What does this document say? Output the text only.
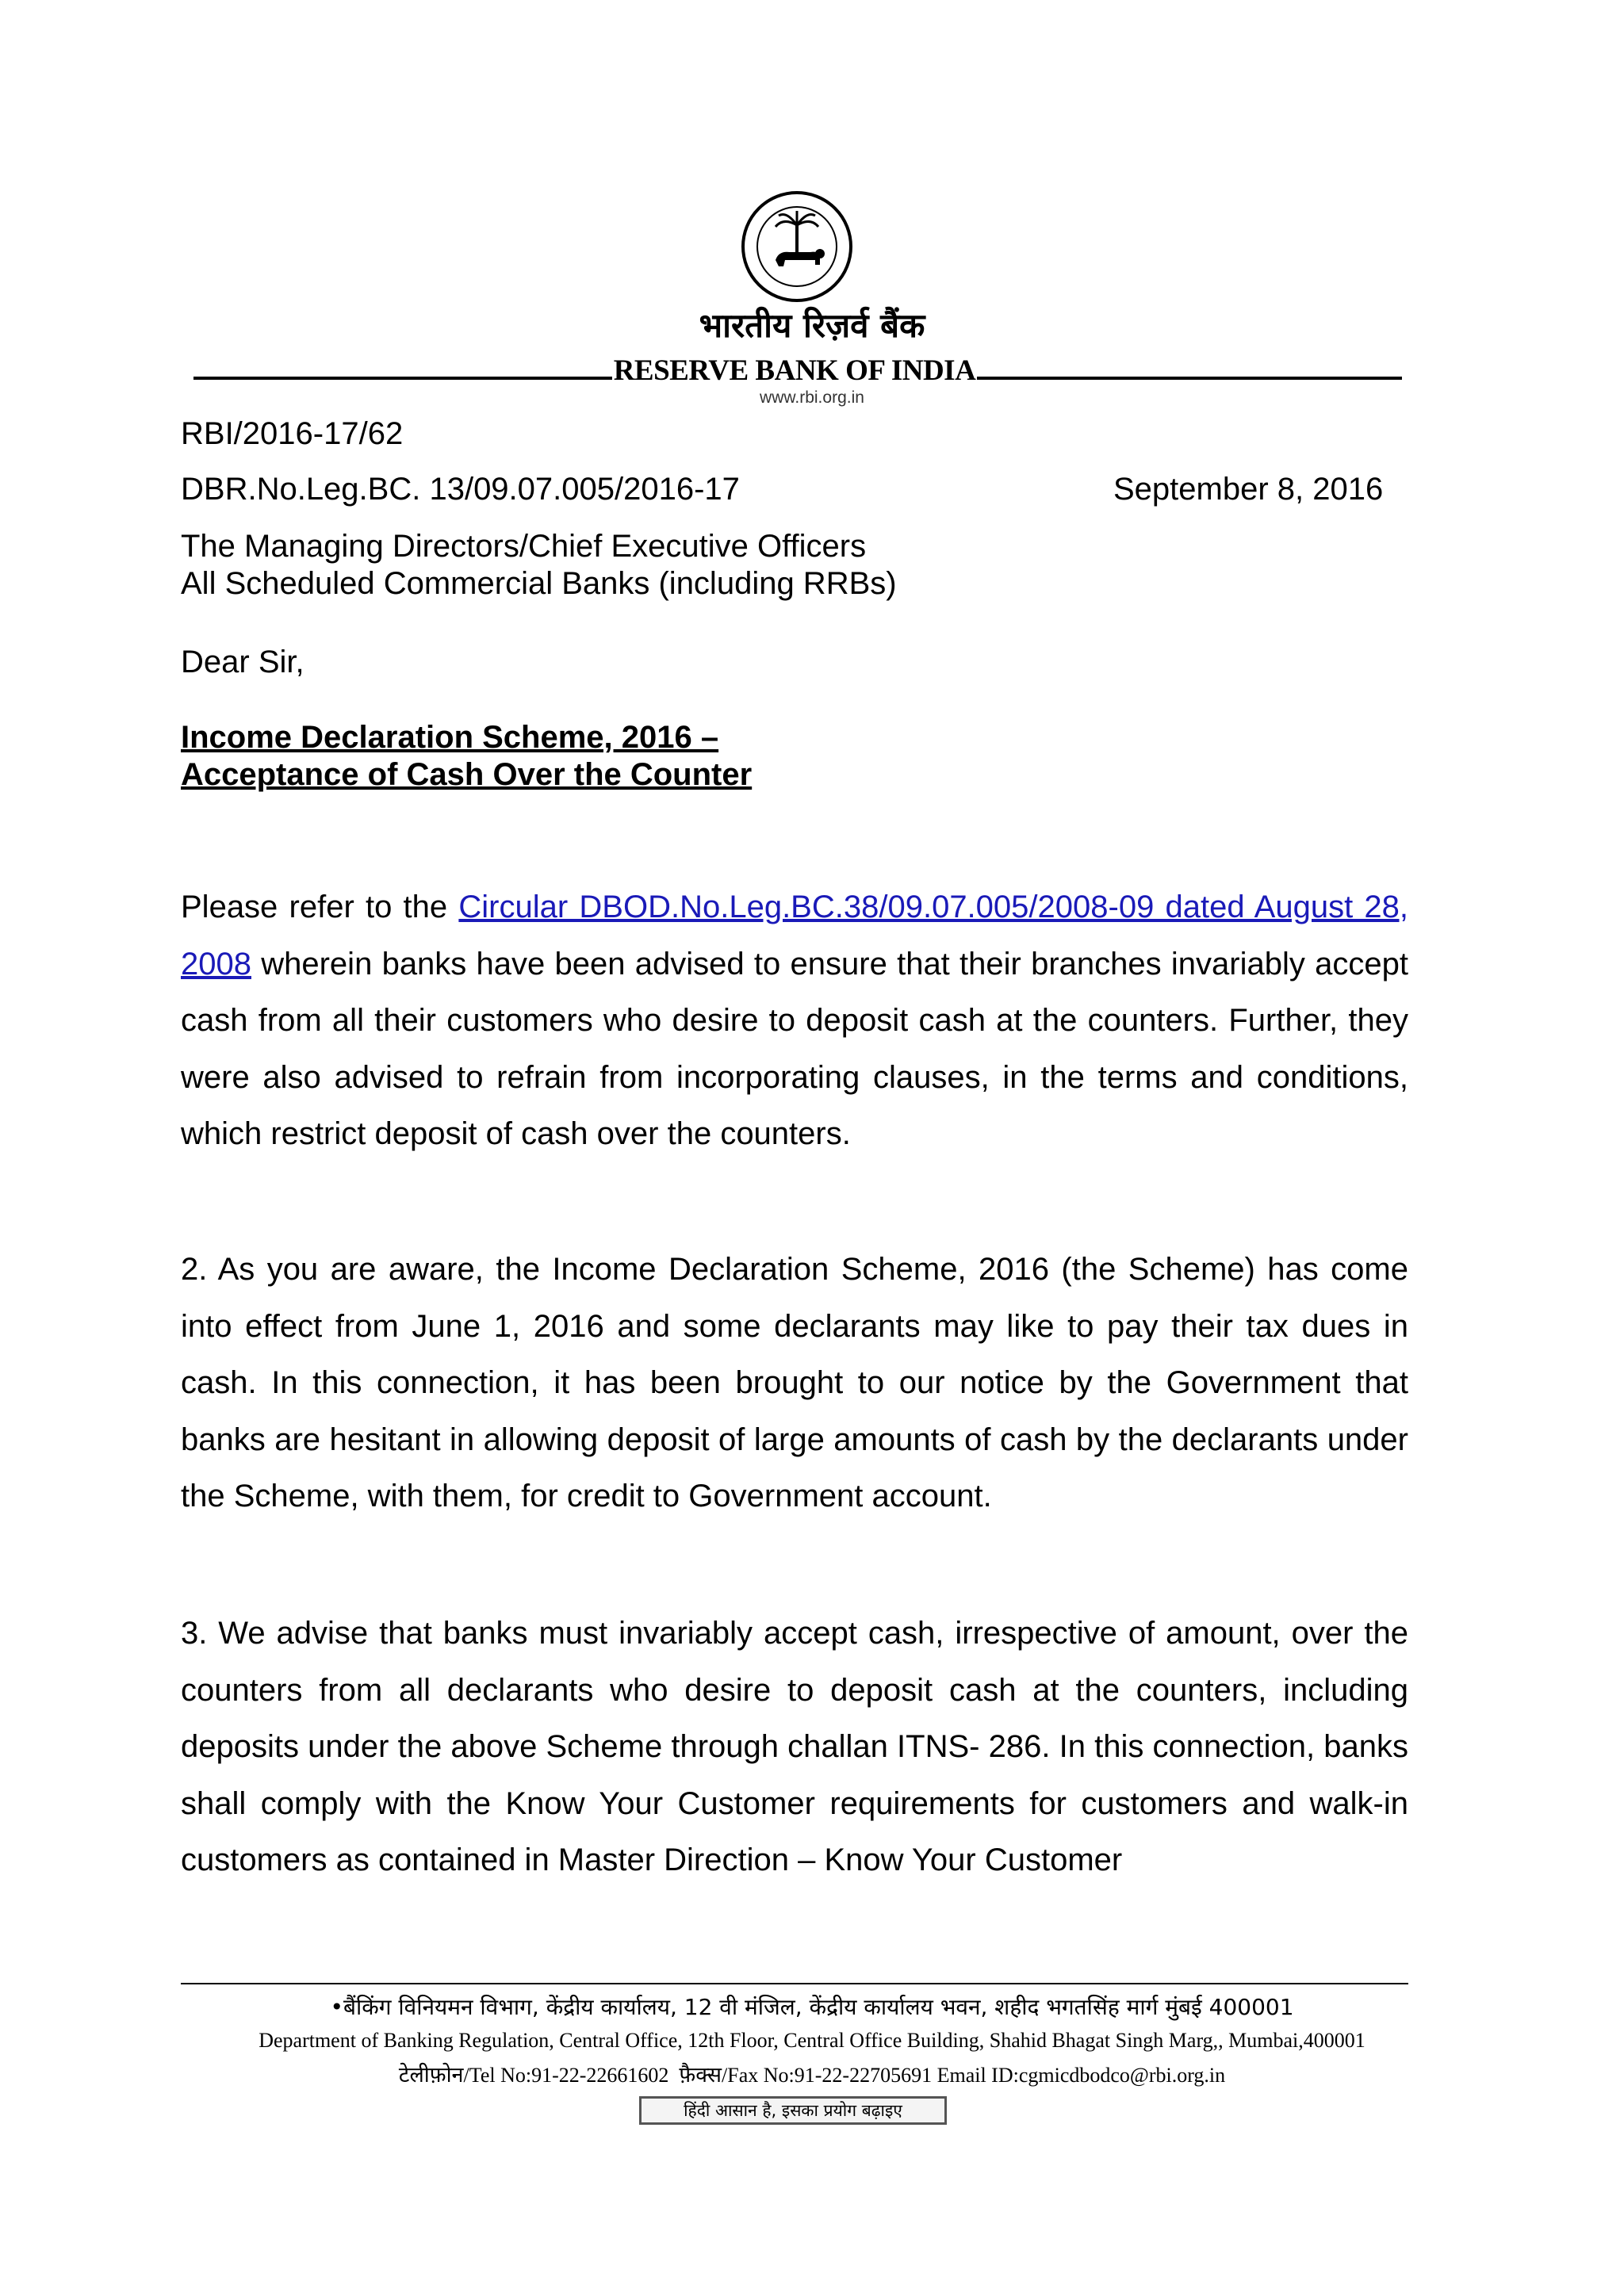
भारतीय रिज़र्व बैंक
RESERVE BANK OF INDIA
www.rbi.org.in
RBI/2016-17/62
DBR.No.Leg.BC. 13/09.07.005/2016-17	September 8, 2016
The Managing Directors/Chief Executive Officers
All Scheduled Commercial Banks (including RRBs)
Dear Sir,
Income Declaration Scheme, 2016 –
Acceptance of Cash Over the Counter
Please refer to the Circular DBOD.No.Leg.BC.38/09.07.005/2008-09 dated August 28, 2008 wherein banks have been advised to ensure that their branches invariably accept cash from all their customers who desire to deposit cash at the counters. Further, they were also advised to refrain from incorporating clauses, in the terms and conditions, which restrict deposit of cash over the counters.
2. As you are aware, the Income Declaration Scheme, 2016 (the Scheme) has come into effect from June 1, 2016 and some declarants may like to pay their tax dues in cash. In this connection, it has been brought to our notice by the Government that banks are hesitant in allowing deposit of large amounts of cash by the declarants under the Scheme, with them, for credit to Government account.
3. We advise that banks must invariably accept cash, irrespective of amount, over the counters from all declarants who desire to deposit cash at the counters, including deposits under the above Scheme through challan ITNS- 286. In this connection, banks shall comply with the Know Your Customer requirements for customers and walk-in customers as contained in Master Direction – Know Your Customer
•बैंकिंग विनियमन विभाग, केंद्रीय कार्यालय, 12 वी मंजिल, केंद्रीय कार्यालय भवन, शहीद भगतसिंह मार्ग मुंबई 400001
Department of Banking Regulation, Central Office, 12th Floor, Central Office Building, Shahid Bhagat Singh Marg,, Mumbai,400001
टेलीफ़ोन/Tel No:91-22-22661602 फ़ैक्स/Fax No:91-22-22705691 Email ID:cgmicdbodco@rbi.org.in
हिंदी आसान है, इसका प्रयोग बढ़ाइए
